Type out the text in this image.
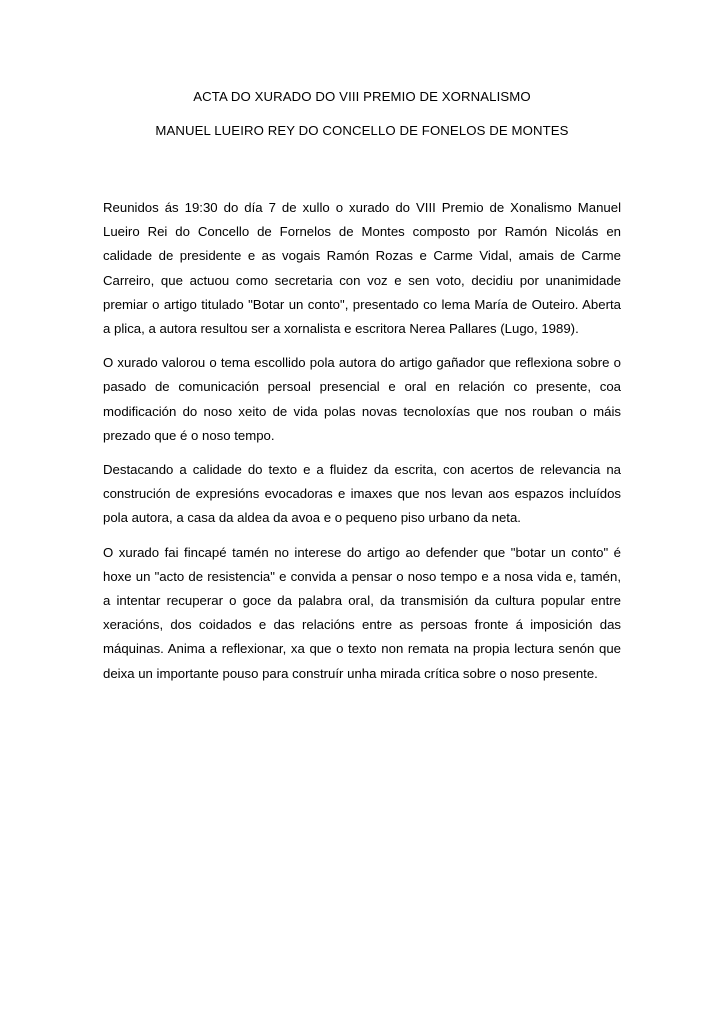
ACTA DO XURADO DO VIII PREMIO DE XORNALISMO
MANUEL LUEIRO REY DO CONCELLO DE FONELOS DE MONTES

Reunidos ás 19:30 do día 7 de xullo o xurado do VIII Premio de Xonalismo Manuel Lueiro Rei do Concello de Fornelos de Montes composto por Ramón Nicolás en calidade de presidente e as vogais Ramón Rozas e Carme Vidal, amais de Carme Carreiro, que actuou como secretaria con voz e sen voto, decidiu por unanimidade premiar o artigo titulado "Botar un conto", presentado co lema María de Outeiro. Aberta a plica, a autora resultou ser a xornalista e escritora Nerea Pallares (Lugo, 1989).

O xurado valorou o tema escollido pola autora do artigo gañador que reflexiona sobre o pasado de comunicación persoal presencial e oral en relación co presente, coa modificación do noso xeito de vida polas novas tecnoloxías que nos rouban o máis prezado que é o noso tempo.

Destacando a calidade do texto e a fluidez da escrita, con acertos de relevancia na construción de expresións evocadoras e imaxes que nos levan aos espazos incluídos pola autora, a casa da aldea da avoa e o pequeno piso urbano da neta.

O xurado fai fincapé tamén no interese do artigo ao defender que "botar un conto" é hoxe un "acto de resistencia" e convida a pensar o noso tempo e a nosa vida e, tamén, a intentar recuperar o goce da palabra oral, da transmisión da cultura popular entre xeracións, dos coidados e das relacións entre as persoas fronte á imposición das máquinas. Anima a reflexionar, xa que o texto non remata na propia lectura senón que deixa un importante pouso para construír unha mirada crítica sobre o noso presente.
